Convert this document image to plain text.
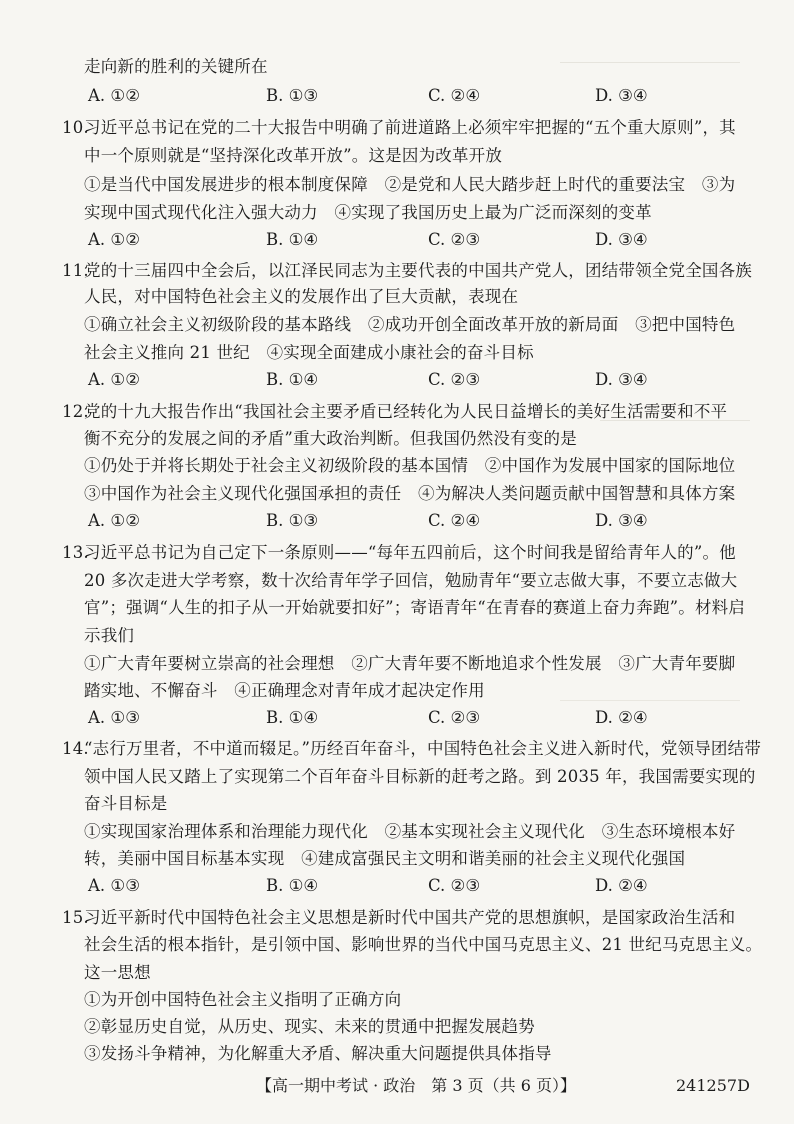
走向新的胜利的关键所在
A. ①②	B. ①③	C. ②④	D. ③④
10.
习近平总书记在党的二十大报告中明确了前进道路上必须牢牢把握的“五个重大原则”，其
中一个原则就是“坚持深化改革开放”。这是因为改革开放
①是当代中国发展进步的根本制度保障　②是党和人民大踏步赶上时代的重要法宝　③为
实现中国式现代化注入强大动力　④实现了我国历史上最为广泛而深刻的变革
A. ①②	B. ①④	C. ②③	D. ③④
11.
党的十三届四中全会后，以江泽民同志为主要代表的中国共产党人，团结带领全党全国各族
人民，对中国特色社会主义的发展作出了巨大贡献，表现在
①确立社会主义初级阶段的基本路线　②成功开创全面改革开放的新局面　③把中国特色
社会主义推向 21 世纪　④实现全面建成小康社会的奋斗目标
A. ①②	B. ①④	C. ②③	D. ③④
12.
党的十九大报告作出“我国社会主要矛盾已经转化为人民日益增长的美好生活需要和不平
衡不充分的发展之间的矛盾”重大政治判断。但我国仍然没有变的是
①仍处于并将长期处于社会主义初级阶段的基本国情　②中国作为发展中国家的国际地位
③中国作为社会主义现代化强国承担的责任　④为解决人类问题贡献中国智慧和具体方案
A. ①②	B. ①③	C. ②④	D. ③④
13.
习近平总书记为自己定下一条原则——“每年五四前后，这个时间我是留给青年人的”。他
20 多次走进大学考察，数十次给青年学子回信，勉励青年“要立志做大事，不要立志做大
官”；强调“人生的扣子从一开始就要扣好”；寄语青年“在青春的赛道上奋力奔跑”。材料启
示我们
①广大青年要树立崇高的社会理想　②广大青年要不断地追求个性发展　③广大青年要脚
踏实地、不懈奋斗　④正确理念对青年成才起决定作用
A. ①③	B. ①④	C. ②③	D. ②④
14.
“志行万里者，不中道而辍足。”历经百年奋斗，中国特色社会主义进入新时代，党领导团结带
领中国人民又踏上了实现第二个百年奋斗目标新的赶考之路。到 2035 年，我国需要实现的
奋斗目标是
①实现国家治理体系和治理能力现代化　②基本实现社会主义现代化　③生态环境根本好
转，美丽中国目标基本实现　④建成富强民主文明和谐美丽的社会主义现代化强国
A. ①③	B. ①④	C. ②③	D. ②④
15.
习近平新时代中国特色社会主义思想是新时代中国共产党的思想旗帜，是国家政治生活和
社会生活的根本指针，是引领中国、影响世界的当代中国马克思主义、21 世纪马克思主义。
这一思想
①为开创中国特色社会主义指明了正确方向
②彰显历史自觉，从历史、现实、未来的贯通中把握发展趋势
③发扬斗争精神，为化解重大矛盾、解决重大问题提供具体指导
【高一期中考试 · 政治　第 3 页（共 6 页）】	241257D
